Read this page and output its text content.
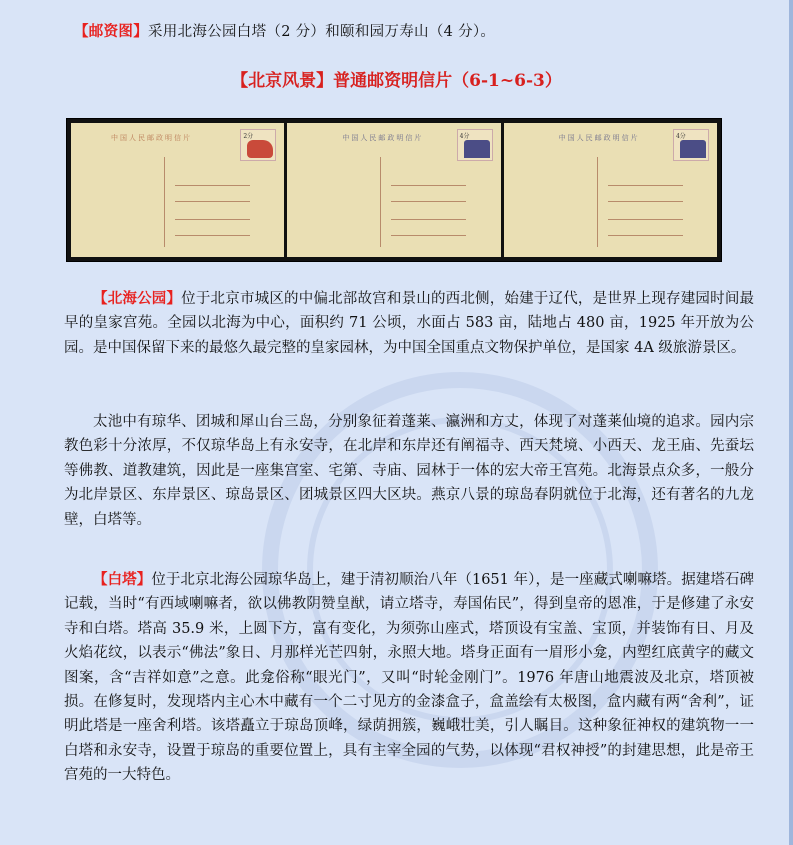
【邮资图】采用北海公园白塔（2 分）和颐和园万寿山（4 分）。
【北京风景】普通邮资明信片（6-1~6-3）
中国人民邮政明信片	2分	中国人民邮政明信片	4分	中国人民邮政明信片	4分

【北海公园】位于北京市城区的中偏北部故宫和景山的西北侧，始建于辽代，是世界上现存建园时间最早的皇家宫苑。全园以北海为中心，面积约 71 公顷，水面占 583 亩，陆地占 480 亩，1925 年开放为公园。是中国保留下来的最悠久最完整的皇家园林，为中国全国重点文物保护单位，是国家 4A 级旅游景区。

太池中有琼华、团城和犀山台三岛，分别象征着蓬莱、瀛洲和方丈，体现了对蓬莱仙境的追求。园内宗教色彩十分浓厚，不仅琼华岛上有永安寺，在北岸和东岸还有阐福寺、西天梵境、小西天、龙王庙、先蚕坛等佛教、道教建筑，因此是一座集宫室、宅第、寺庙、园林于一体的宏大帝王宫苑。北海景点众多，一般分为北岸景区、东岸景区、琼岛景区、团城景区四大区块。燕京八景的琼岛春阴就位于北海，还有著名的九龙壁，白塔等。

【白塔】位于北京北海公园琼华岛上，建于清初顺治八年（1651 年），是一座藏式喇嘛塔。据建塔石碑记载，当时“有西域喇嘛者，欲以佛教阴赞皇猷，请立塔寺，寿国佑民”，得到皇帝的恩准，于是修建了永安寺和白塔。塔高 35.9 米，上圆下方，富有变化，为须弥山座式，塔顶设有宝盖、宝顶，并装饰有日、月及火焰花纹，以表示“佛法”象日、月那样光芒四射，永照大地。塔身正面有一眉形小龛，内塑红底黄字的藏文图案，含“吉祥如意”之意。此龛俗称“眼光门”，又叫“时轮金刚门”。1976 年唐山地震波及北京，塔顶被损。在修复时，发现塔内主心木中藏有一个二寸见方的金漆盒子，盒盖绘有太极图，盒内藏有两“舍利”，证明此塔是一座舍利塔。该塔矗立于琼岛顶峰，绿荫拥簇，巍峨壮美，引人瞩目。这种象征神权的建筑物一一白塔和永安寺，设置于琼岛的重要位置上，具有主宰全园的气势，以体现“君权神授”的封建思想，此是帝王宫苑的一大特色。
